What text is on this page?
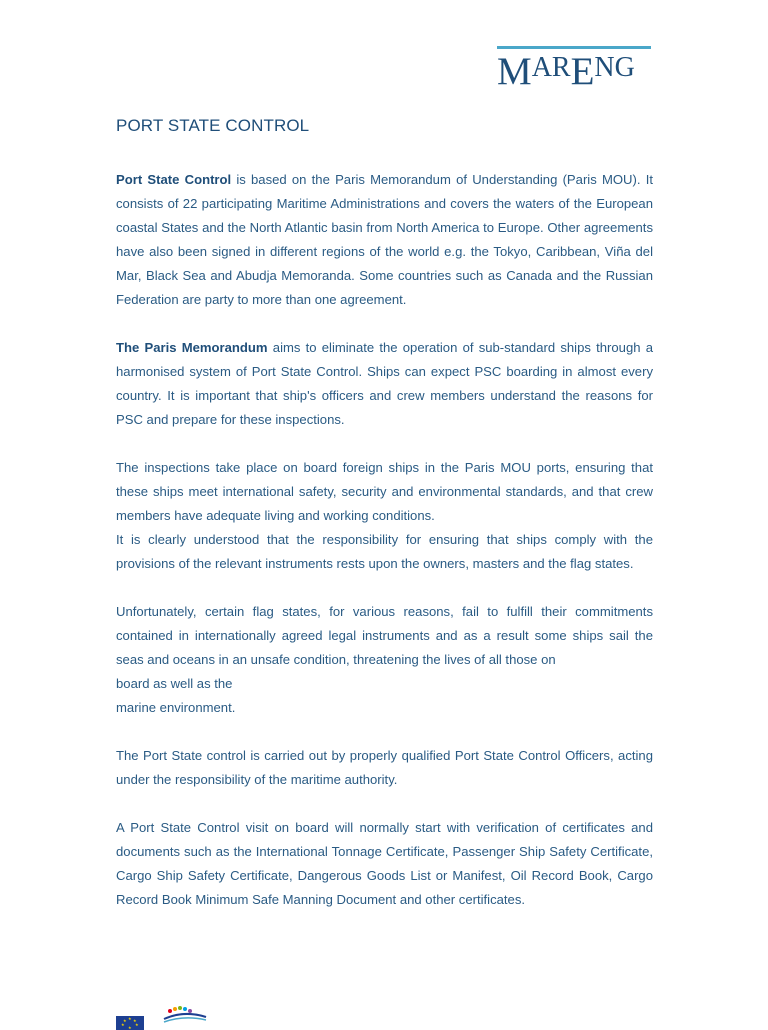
MARENG
PORT STATE CONTROL

Port State Control is based on the Paris Memorandum of Understanding (Paris MOU). It consists of 22 participating Maritime Administrations and covers the waters of the European coastal States and the North Atlantic basin from North America to Europe. Other agreements have also been signed in different regions of the world e.g. the Tokyo, Caribbean, Viña del Mar, Black Sea and Abudja Memoranda. Some countries such as Canada and the Russian Federation are party to more than one agreement.

The Paris Memorandum aims to eliminate the operation of sub-standard ships through a harmonised system of Port State Control. Ships can expect PSC boarding in almost every country. It is important that ship's officers and crew members understand the reasons for PSC and prepare for these inspections.

The inspections take place on board foreign ships in the Paris MOU ports, ensuring that these ships meet international safety, security and environmental standards, and that crew members have adequate living and working conditions.

It is clearly understood that the responsibility for ensuring that ships comply with the provisions of the relevant instruments rests upon the owners, masters and the flag states.

Unfortunately, certain flag states, for various reasons, fail to fulfill their commitments contained in internationally agreed legal instruments and as a result some ships sail the seas and oceans in an unsafe condition, threatening the lives of all those on
board as well as the
marine environment.

The Port State control is carried out by properly qualified Port State Control Officers, acting under the responsibility of the maritime authority.

A Port State Control visit on board will normally start with verification of certificates and documents such as the International Tonnage Certificate, Passenger Ship Safety Certificate, Cargo Ship Safety Certificate, Dangerous Goods List or Manifest, Oil Record Book, Cargo Record Book Minimum Safe Manning Document and other certificates.

★
★ ★
★	★
★
